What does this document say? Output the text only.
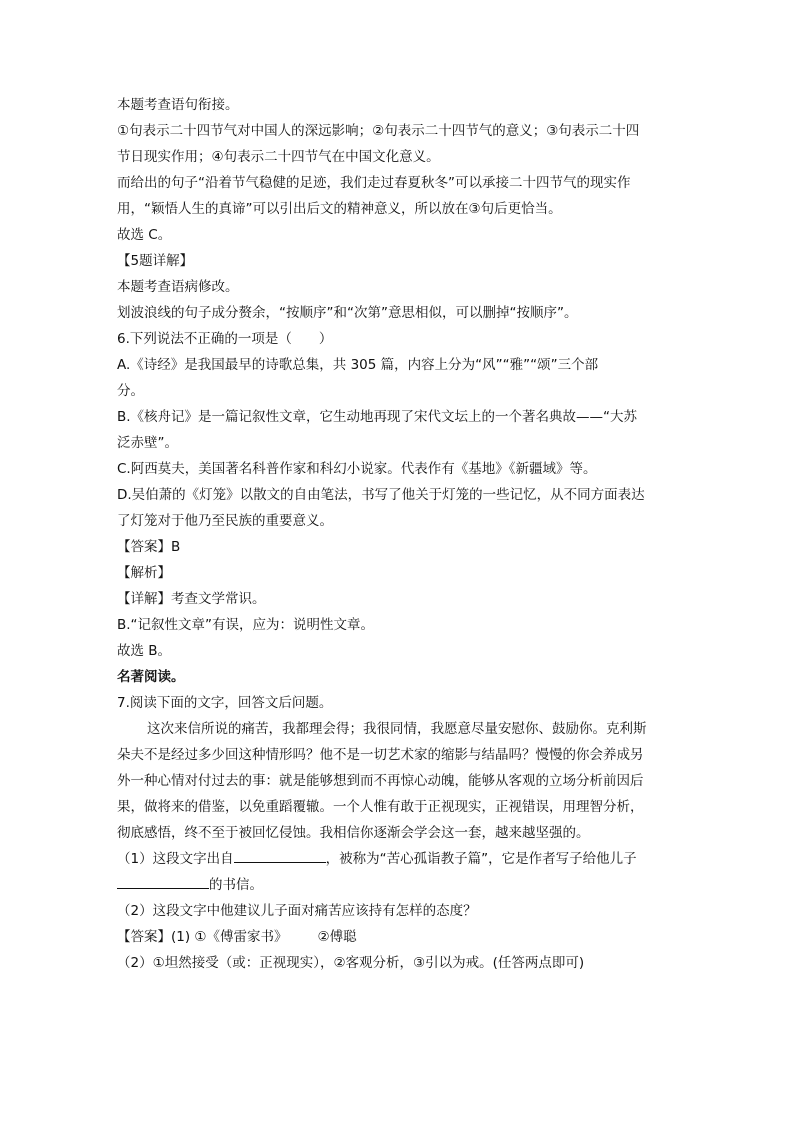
本题考查语句衔接。
①句表示二十四节气对中国人的深远影响；②句表示二十四节气的意义；③句表示二十四
节日现实作用；④句表示二十四节气在中国文化意义。
而给出的句子“沿着节气稳健的足迹，我们走过春夏秋冬”可以承接二十四节气的现实作
用，“颖悟人生的真谛”可以引出后文的精神意义，所以放在③句后更恰当。
故选 C。
【5题详解】
本题考查语病修改。
划波浪线的句子成分赘余，“按顺序”和“次第”意思相似，可以删掉“按顺序”。
6.下列说法不正确的一项是（　　）
A.《诗经》是我国最早的诗歌总集，共 305 篇，内容上分为“风”“雅”“颂”三个部
分。
B.《核舟记》是一篇记叙性文章，它生动地再现了宋代文坛上的一个著名典故——“大苏
泛赤壁”。
C.阿西莫夫，美国著名科普作家和科幻小说家。代表作有《基地》《新疆域》等。
D.吴伯萧的《灯笼》以散文的自由笔法，书写了他关于灯笼的一些记忆，从不同方面表达
了灯笼对于他乃至民族的重要意义。
【答案】B
【解析】
【详解】考查文学常识。
B.“记叙性文章”有误，应为：说明性文章。
故选 B。
名著阅读。
7.阅读下面的文字，回答文后问题。
这次来信所说的痛苦，我都理会得；我很同情，我愿意尽量安慰你、鼓励你。克利斯
朵夫不是经过多少回这种情形吗？他不是一切艺术家的缩影与结晶吗？慢慢的你会养成另
外一种心情对付过去的事：就是能够想到而不再惊心动魄，能够从客观的立场分析前因后
果，做将来的借鉴，以免重蹈覆辙。一个人惟有敢于正视现实，正视错误，用理智分析，
彻底感悟，终不至于被回忆侵蚀。我相信你逐渐会学会这一套，越来越坚强的。
（1）这段文字出自	，被称为“苦心孤诣教子篇”，它是作者写子给他儿子
的书信。
（2）这段文字中他建议儿子面对痛苦应该持有怎样的态度？
【答案】(1) ①《傅雷家书》 ②傅聪
（2）①坦然接受（或：正视现实），②客观分析，③引以为戒。(任答两点即可)
